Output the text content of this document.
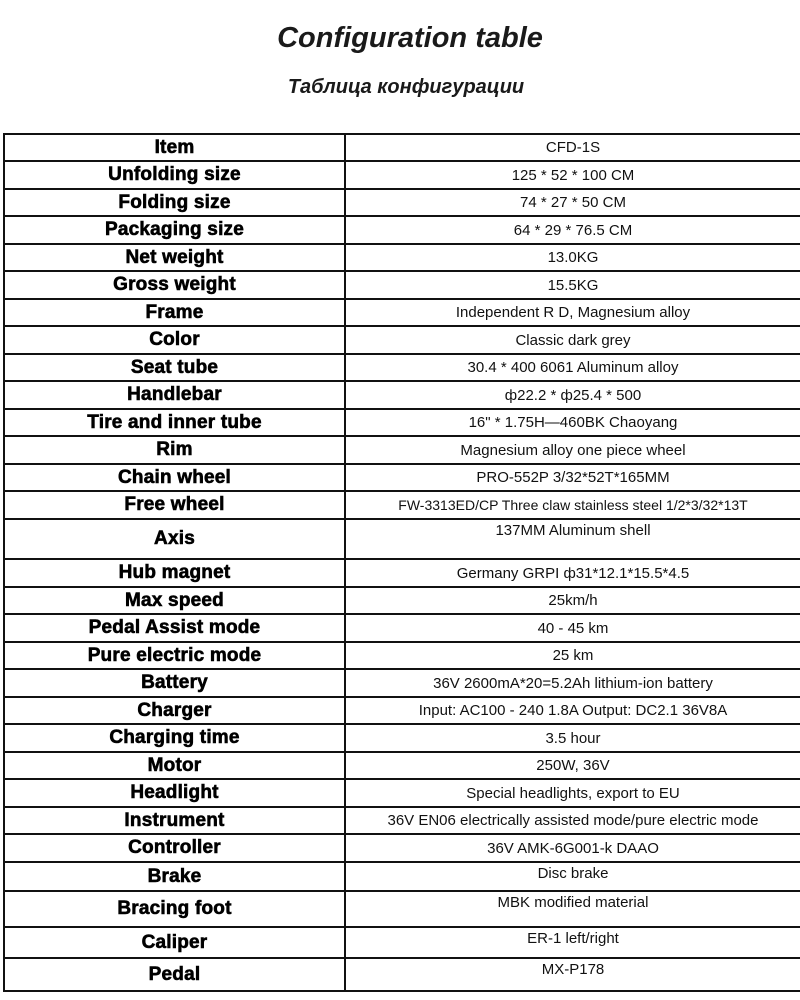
Configuration table
Таблица конфигурации
Item	CFD-1S
Unfolding size	125 * 52 * 100 CM
Folding size	74 * 27 * 50 CM
Packaging size	64 * 29 * 76.5 CM
Net weight	13.0KG
Gross weight	15.5KG
Frame	Independent R D, Magnesium alloy
Color	Classic dark grey
Seat tube	30.4 * 400 6061 Aluminum alloy
Handlebar	ф22.2 * ф25.4 * 500
Tire and inner tube	16" * 1.75H—460BK Chaoyang
Rim	Magnesium alloy one piece wheel
Chain wheel	PRO-552P 3/32*52T*165MM
Free wheel	FW-3313ED/CP Three claw stainless steel 1/2*3/32*13T
Axis	137MM Aluminum shell
Hub magnet	Germany GRPI ф31*12.1*15.5*4.5
Max speed	25km/h
Pedal Assist mode	40 - 45 km
Pure electric mode	25 km
Battery	36V 2600mA*20=5.2Ah lithium-ion battery
Charger	Input: AC100 - 240 1.8A Output: DC2.1 36V8A
Charging time	3.5 hour
Motor	250W, 36V
Headlight	Special headlights, export to EU
Instrument	36V EN06 electrically assisted mode/pure electric mode
Controller	36V AMK-6G001-k DAAO
Brake	Disc brake
Bracing foot	MBK modified material
Caliper	ER-1 left/right
Pedal	MX-P178
